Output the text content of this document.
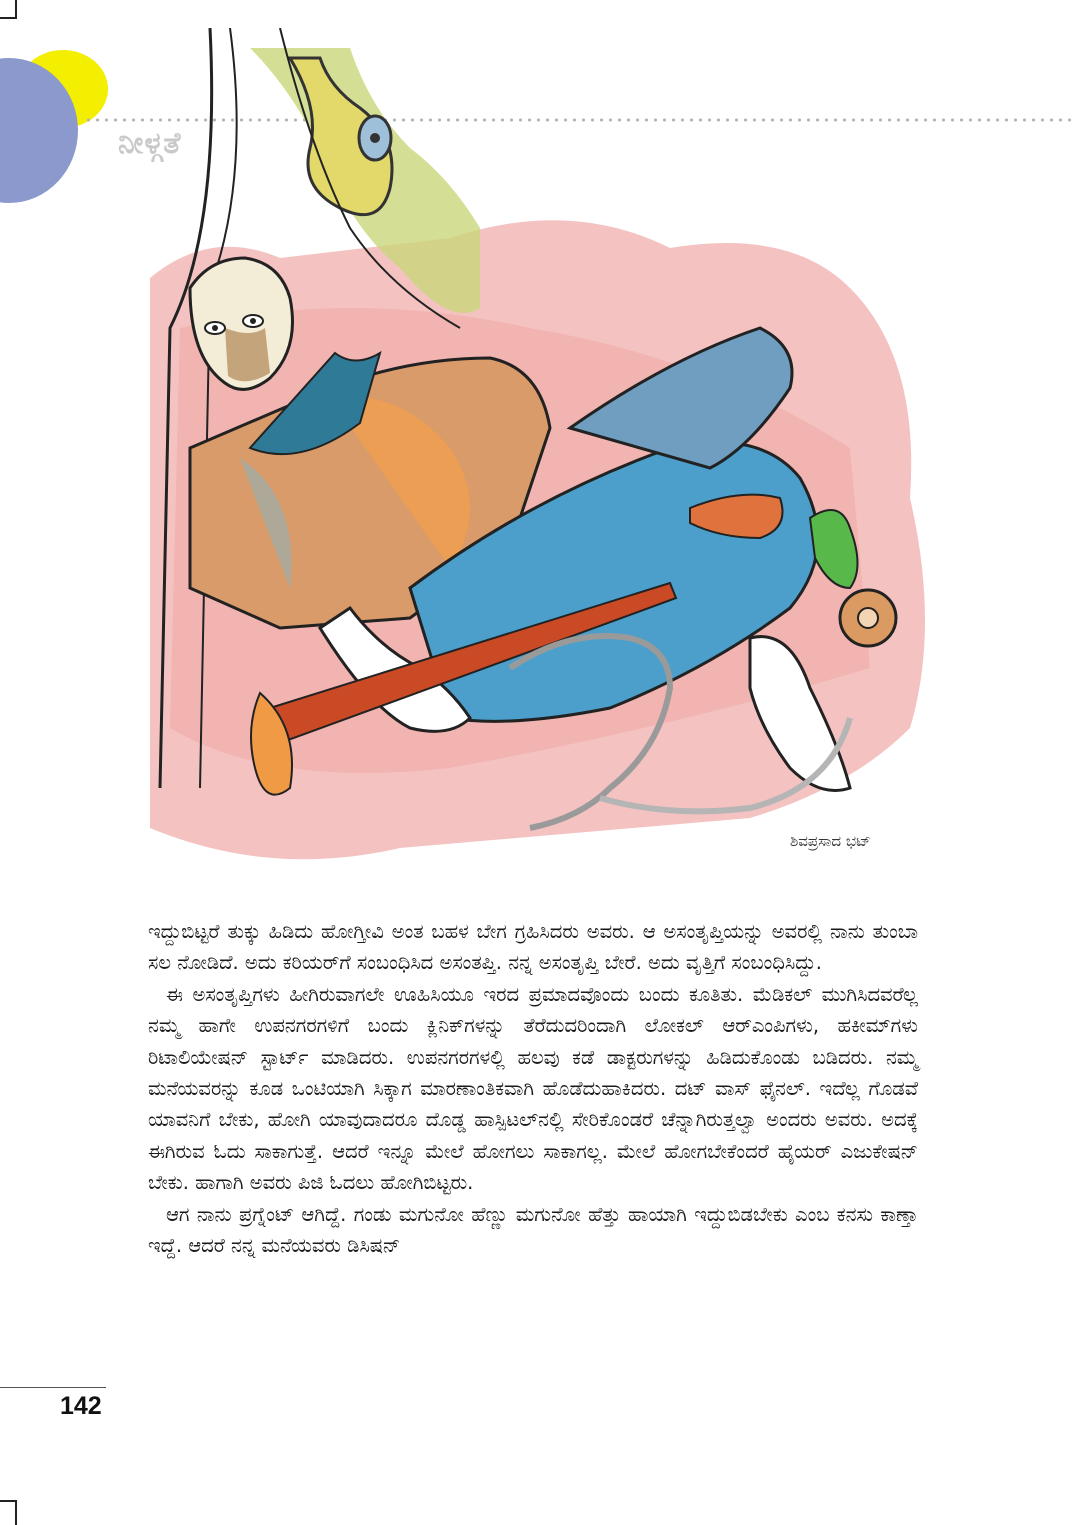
ಶಿವಪ್ರಸಾದ ಭಟ್
ನೀಳ್ಗತೆ

ಇದ್ದುಬಿಟ್ಟರೆ ತುಕ್ಕು ಹಿಡಿದು ಹೋಗ್ತೀವಿ ಅಂತ ಬಹಳ ಬೇಗ ಗ್ರಹಿಸಿದರು ಅವರು. ಆ ಅಸಂತೃಪ್ತಿಯನ್ನು ಅವರಲ್ಲಿ ನಾನು ತುಂಬಾ ಸಲ ನೋಡಿದೆ. ಅದು ಕರಿಯರ್‌ಗೆ ಸಂಬಂಧಿಸಿದ ಅಸಂತಪ್ತಿ. ನನ್ನ ಅಸಂತೃಪ್ತಿ ಬೇರೆ. ಅದು ವೃತ್ತಿಗೆ ಸಂಬಂಧಿಸಿದ್ದು.

ಈ ಅಸಂತೃಪ್ತಿಗಳು ಹೀಗಿರುವಾಗಲೇ ಊಹಿಸಿಯೂ ಇರದ ಪ್ರಮಾದವೊಂದು ಬಂದು ಕೂತಿತು. ಮೆಡಿಕಲ್ ಮುಗಿಸಿದವರೆಲ್ಲ ನಮ್ಮ ಹಾಗೇ ಉಪನಗರಗಳಿಗೆ ಬಂದು ಕ್ಲಿನಿಕ್‌ಗಳನ್ನು ತೆರೆದುದರಿಂದಾಗಿ ಲೋಕಲ್ ಆರ್‌ಎಂಪಿಗಳು, ಹಕೀಮ್‌ಗಳು ರಿಟಾಲಿಯೇಷನ್ ಸ್ಟಾರ್ಟ್ ಮಾಡಿದರು. ಉಪನಗರಗಳಲ್ಲಿ ಹಲವು ಕಡೆ ಡಾಕ್ಟರುಗಳನ್ನು ಹಿಡಿದುಕೊಂಡು ಬಡಿದರು. ನಮ್ಮ ಮನೆಯವರನ್ನು ಕೂಡ ಒಂಟಿಯಾಗಿ ಸಿಕ್ಕಾಗ ಮಾರಣಾಂತಿಕವಾಗಿ ಹೊಡೆದುಹಾಕಿದರು. ದಟ್ ವಾಸ್ ಫೈನಲ್. ಇದೆಲ್ಲ ಗೊಡವೆ ಯಾವನಿಗೆ ಬೇಕು, ಹೋಗಿ ಯಾವುದಾದರೂ ದೊಡ್ಡ ಹಾಸ್ಪಿಟಲ್‌ನಲ್ಲಿ ಸೇರಿಕೊಂಡರೆ ಚೆನ್ನಾಗಿರುತ್ತಲ್ವಾ ಅಂದರು ಅವರು. ಅದಕ್ಕೆ ಈಗಿರುವ ಓದು ಸಾಕಾಗುತ್ತೆ. ಆದರೆ ಇನ್ನೂ ಮೇಲೆ ಹೋಗಲು ಸಾಕಾಗಲ್ಲ. ಮೇಲೆ ಹೋಗಬೇಕೆಂದರೆ ಹೈಯರ್ ಎಜುಕೇಷನ್ ಬೇಕು. ಹಾಗಾಗಿ ಅವರು ಪಿಜಿ ಓದಲು ಹೋಗಿಬಿಟ್ಟರು.

ಆಗ ನಾನು ಪ್ರಗ್ನೆಂಟ್ ಆಗಿದ್ದೆ. ಗಂಡು ಮಗುನೋ ಹೆಣ್ಣು ಮಗುನೋ ಹೆತ್ತು ಹಾಯಾಗಿ ಇದ್ದುಬಿಡಬೇಕು ಎಂಬ ಕನಸು ಕಾಣ್ತಾ ಇದ್ದೆ. ಆದರೆ ನನ್ನ ಮನೆಯವರು ಡಿಸಿಷನ್

142
